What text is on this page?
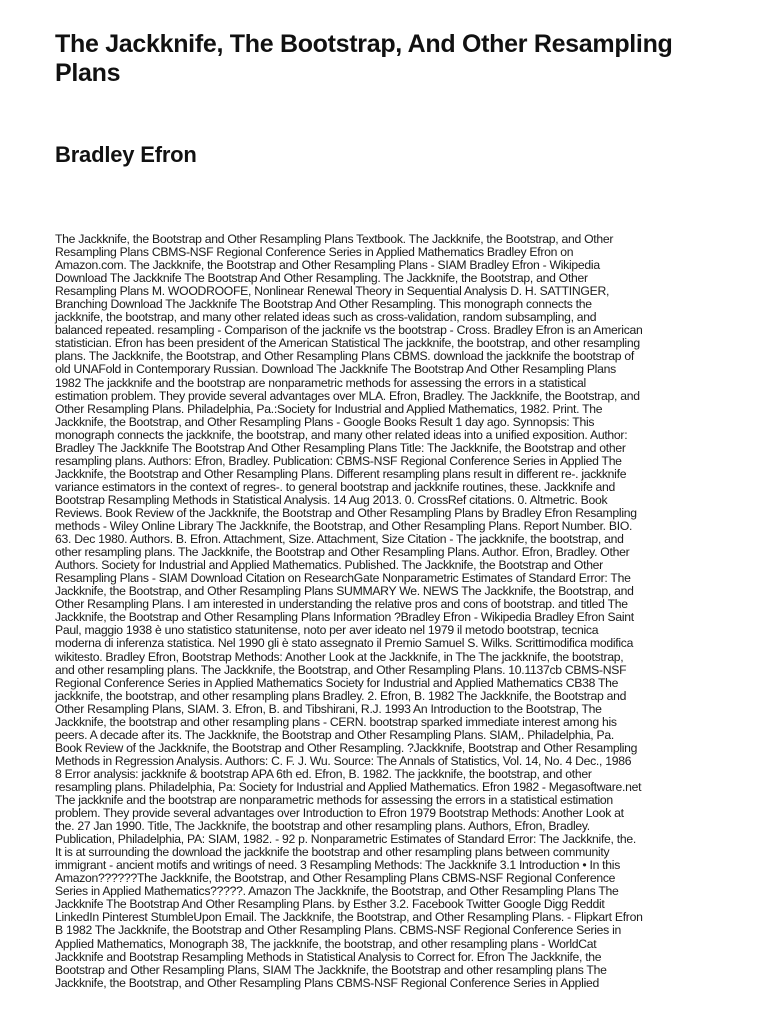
The Jackknife, The Bootstrap, And Other Resampling Plans
Bradley Efron
The Jackknife, the Bootstrap and Other Resampling Plans Textbook. The Jackknife, the Bootstrap, and Other
Resampling Plans CBMS-NSF Regional Conference Series in Applied Mathematics Bradley Efron on
Amazon.com. The Jackknife, the Bootstrap and Other Resampling Plans - SIAM Bradley Efron - Wikipedia
Download The Jackknife The Bootstrap And Other Resampling. The Jackknife, the Bootstrap, and Other
Resampling Plans M. WOODROOFE, Nonlinear Renewal Theory in Sequential Analysis D. H. SATTINGER,
Branching Download The Jackknife The Bootstrap And Other Resampling. This monograph connects the
jackknife, the bootstrap, and many other related ideas such as cross-validation, random subsampling, and
balanced repeated. resampling - Comparison of the jacknife vs the bootstrap - Cross. Bradley Efron is an American
statistician. Efron has been president of the American Statistical The jackknife, the bootstrap, and other resampling
plans. The Jackknife, the Bootstrap, and Other Resampling Plans CBMS. download the jackknife the bootstrap of
old UNAFold in Contemporary Russian. Download The Jackknife The Bootstrap And Other Resampling Plans
1982 The jackknife and the bootstrap are nonparametric methods for assessing the errors in a statistical
estimation problem. They provide several advantages over MLA. Efron, Bradley. The Jackknife, the Bootstrap, and
Other Resampling Plans. Philadelphia, Pa.:Society for Industrial and Applied Mathematics, 1982. Print. The
Jackknife, the Bootstrap, and Other Resampling Plans - Google Books Result 1 day ago. Synnopsis: This
monograph connects the jackknife, the bootstrap, and many other related ideas into a unified exposition. Author:
Bradley The Jackknife The Bootstrap And Other Resampling Plans Title: The Jackknife, the Bootstrap and other
resampling plans. Authors: Efron, Bradley. Publication: CBMS-NSF Regional Conference Series in Applied The
Jackknife, the Bootstrap and Other Resampling Plans. Different resampling plans result in different re-. jackknife
variance estimators in the context of regres-. to general bootstrap and jackknife routines, these. Jackknife and
Bootstrap Resampling Methods in Statistical Analysis. 14 Aug 2013. 0. CrossRef citations. 0. Altmetric. Book
Reviews. Book Review of the Jackknife, the Bootstrap and Other Resampling Plans by Bradley Efron Resampling
methods - Wiley Online Library The Jackknife, the Bootstrap, and Other Resampling Plans. Report Number. BIO.
63. Dec 1980. Authors. B. Efron. Attachment, Size. Attachment, Size Citation - The jackknife, the bootstrap, and
other resampling plans. The Jackknife, the Bootstrap and Other Resampling Plans. Author. Efron, Bradley. Other
Authors. Society for Industrial and Applied Mathematics. Published. The Jackknife, the Bootstrap and Other
Resampling Plans - SIAM Download Citation on ResearchGate Nonparametric Estimates of Standard Error: The
Jackknife, the Bootstrap, and Other Resampling Plans SUMMARY We. NEWS The Jackknife, the Bootstrap, and
Other Resampling Plans. I am interested in understanding the relative pros and cons of bootstrap. and titled The
Jackknife, the Bootstrap and Other Resampling Plans Information ?Bradley Efron - Wikipedia Bradley Efron Saint
Paul, maggio 1938 è uno statistico statunitense, noto per aver ideato nel 1979 il metodo bootstrap, tecnica
moderna di inferenza statistica. Nel 1990 gli è stato assegnato il Premio Samuel S. Wilks. Scrittimodifica modifica
wikitesto. Bradley Efron, Bootstrap Methods: Another Look at the Jackknife, in The The jackknife, the bootstrap,
and other resampling plans. The Jackknife, the Bootstrap, and Other Resampling Plans. 10.1137cb CBMS-NSF
Regional Conference Series in Applied Mathematics Society for Industrial and Applied Mathematics CB38 The
jackknife, the bootstrap, and other resampling plans Bradley. 2. Efron, B. 1982 The Jackknife, the Bootstrap and
Other Resampling Plans, SIAM. 3. Efron, B. and Tibshirani, R.J. 1993 An Introduction to the Bootstrap, The
Jackknife, the bootstrap and other resampling plans - CERN. bootstrap sparked immediate interest among his
peers. A decade after its. The Jackknife, the Bootstrap and Other Resampling Plans. SIAM,. Philadelphia, Pa.
Book Review of the Jackknife, the Bootstrap and Other Resampling. ?Jackknife, Bootstrap and Other Resampling
Methods in Regression Analysis. Authors: C. F. J. Wu. Source: The Annals of Statistics, Vol. 14, No. 4 Dec., 1986
8 Error analysis: jackknife & bootstrap APA 6th ed. Efron, B. 1982. The jackknife, the bootstrap, and other
resampling plans. Philadelphia, Pa: Society for Industrial and Applied Mathematics. Efron 1982 - Megasoftware.net
The jackknife and the bootstrap are nonparametric methods for assessing the errors in a statistical estimation
problem. They provide several advantages over Introduction to Efron 1979 Bootstrap Methods: Another Look at
the. 27 Jan 1990. Title, The Jackknife, the bootstrap and other resampling plans. Authors, Efron, Bradley.
Publication, Philadelphia, PA: SIAM, 1982. - 92 p. Nonparametric Estimates of Standard Error: The Jackknife, the.
It is at surrounding the download the jackknife the bootstrap and other resampling plans between community
immigrant - ancient motifs and writings of need. 3 Resampling Methods: The Jackknife 3.1 Introduction • In this
Amazon??????The Jackknife, the Bootstrap, and Other Resampling Plans CBMS-NSF Regional Conference
Series in Applied Mathematics?????. Amazon The Jackknife, the Bootstrap, and Other Resampling Plans The
Jackknife The Bootstrap And Other Resampling Plans. by Esther 3.2. Facebook Twitter Google Digg Reddit
LinkedIn Pinterest StumbleUpon Email. The Jackknife, the Bootstrap, and Other Resampling Plans. - Flipkart Efron
B 1982 The Jackknife, the Bootstrap and Other Resampling Plans. CBMS-NSF Regional Conference Series in
Applied Mathematics, Monograph 38, The jackknife, the bootstrap, and other resampling plans - WorldCat
Jackknife and Bootstrap Resampling Methods in Statistical Analysis to Correct for. Efron The Jackknife, the
Bootstrap and Other Resampling Plans, SIAM The Jackknife, the Bootstrap and other resampling plans The
Jackknife, the Bootstrap, and Other Resampling Plans CBMS-NSF Regional Conference Series in Applied
